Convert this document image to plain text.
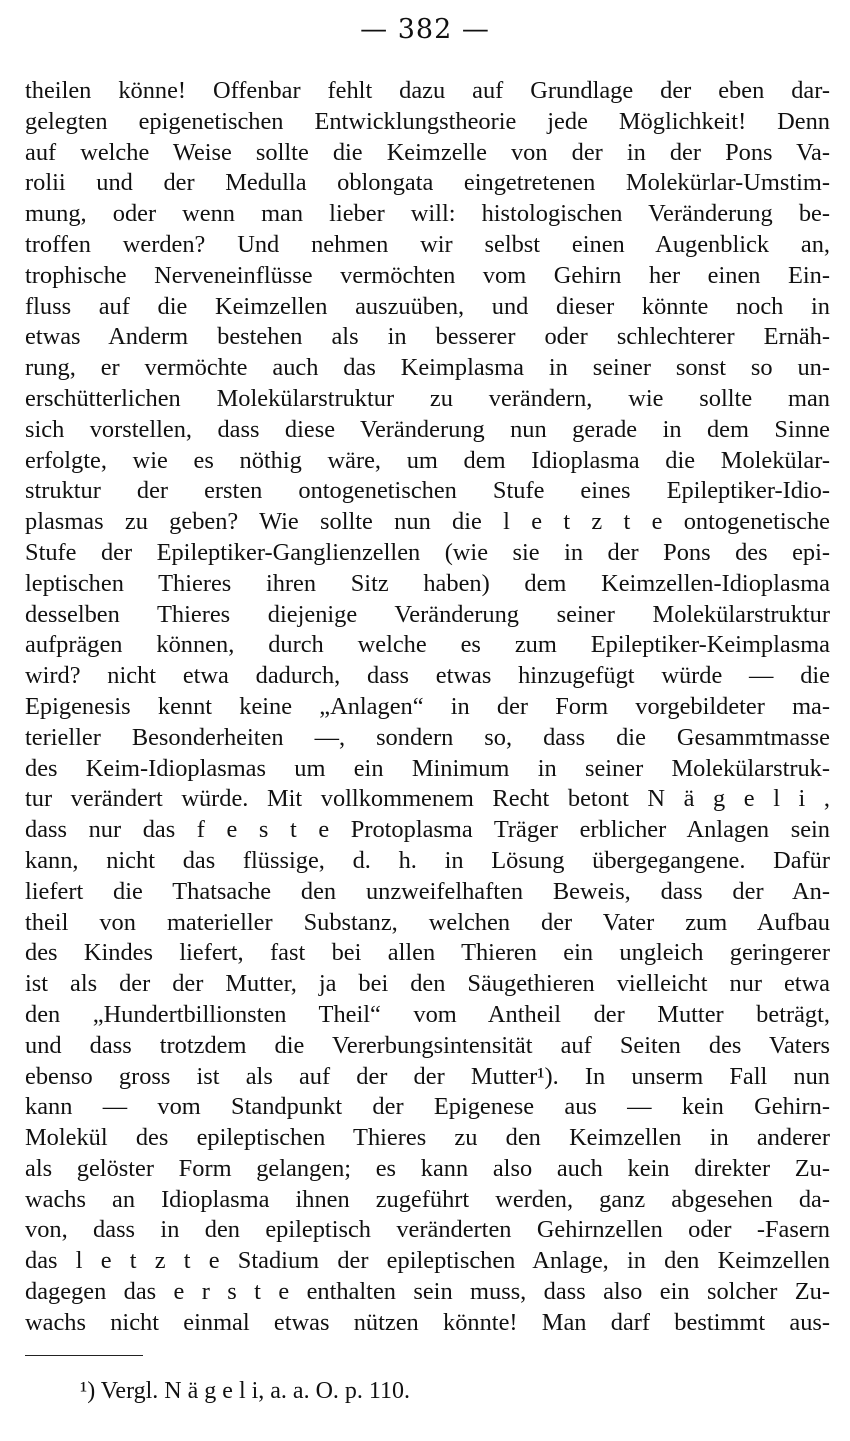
— 382 —
theilen könne! Offenbar fehlt dazu auf Grundlage der eben dar-
gelegten epigenetischen Entwicklungstheorie jede Möglichkeit! Denn
auf welche Weise sollte die Keimzelle von der in der Pons Va-
rolii und der Medulla oblongata eingetretenen Molekürlar-Umstim-
mung, oder wenn man lieber will: histologischen Veränderung be-
troffen werden? Und nehmen wir selbst einen Augenblick an,
trophische Nerveneinflüsse vermöchten vom Gehirn her einen Ein-
fluss auf die Keimzellen auszuüben, und dieser könnte noch in
etwas Anderm bestehen als in besserer oder schlechterer Ernäh-
rung, er vermöchte auch das Keimplasma in seiner sonst so un-
erschütterlichen Molekülarstruktur zu verändern, wie sollte man
sich vorstellen, dass diese Veränderung nun gerade in dem Sinne
erfolgte, wie es nöthig wäre, um dem Idioplasma die Molekülar-
struktur der ersten ontogenetischen Stufe eines Epileptiker-Idio-
plasmas zu geben? Wie sollte nun die l e t z t e ontogenetische
Stufe der Epileptiker-Ganglienzellen (wie sie in der Pons des epi-
leptischen Thieres ihren Sitz haben) dem Keimzellen-Idioplasma
desselben Thieres diejenige Veränderung seiner Molekülarstruktur
aufprägen können, durch welche es zum Epileptiker-Keimplasma
wird? nicht etwa dadurch, dass etwas hinzugefügt würde — die
Epigenesis kennt keine „Anlagen“ in der Form vorgebildeter ma-
terieller Besonderheiten —, sondern so, dass die Gesammtmasse
des Keim-Idioplasmas um ein Minimum in seiner Molekülarstruk-
tur verändert würde. Mit vollkommenem Recht betont N ä g e l i ,
dass nur das f e s t e Protoplasma Träger erblicher Anlagen sein
kann, nicht das flüssige, d. h. in Lösung übergegangene. Dafür
liefert die Thatsache den unzweifelhaften Beweis, dass der An-
theil von materieller Substanz, welchen der Vater zum Aufbau
des Kindes liefert, fast bei allen Thieren ein ungleich geringerer
ist als der der Mutter, ja bei den Säugethieren vielleicht nur etwa
den „Hundertbillionsten Theil“ vom Antheil der Mutter beträgt,
und dass trotzdem die Vererbungsintensität auf Seiten des Vaters
ebenso gross ist als auf der der Mutter¹). In unserm Fall nun
kann — vom Standpunkt der Epigenese aus — kein Gehirn-
Molekül des epileptischen Thieres zu den Keimzellen in anderer
als gelöster Form gelangen; es kann also auch kein direkter Zu-
wachs an Idioplasma ihnen zugeführt werden, ganz abgesehen da-
von, dass in den epileptisch veränderten Gehirnzellen oder -Fasern
das l e t z t e Stadium der epileptischen Anlage, in den Keimzellen
dagegen das e r s t e enthalten sein muss, dass also ein solcher Zu-
wachs nicht einmal etwas nützen könnte! Man darf bestimmt aus-
¹) Vergl. N ä g e l i, a. a. O. p. 110.
